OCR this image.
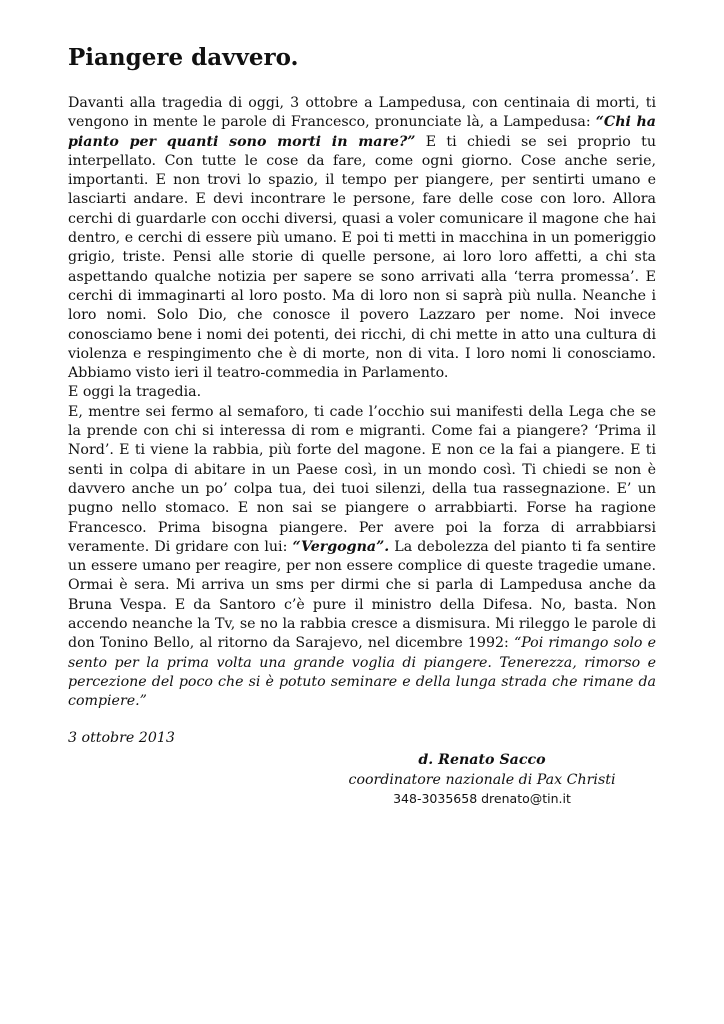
Piangere davvero.

Davanti alla tragedia di oggi, 3 ottobre a Lampedusa, con centinaia di morti, ti vengono in mente le parole di Francesco, pronunciate là, a Lampedusa: “Chi ha pianto per quanti sono morti in mare?” E ti chiedi se sei proprio tu interpellato. Con tutte le cose da fare, come ogni giorno. Cose anche serie, importanti. E non trovi lo spazio, il tempo per piangere, per sentirti umano e lasciarti andare. E devi incontrare le persone, fare delle cose con loro. Allora cerchi di guardarle con occhi diversi, quasi a voler comunicare il magone che hai dentro, e cerchi di essere più umano. E poi ti metti in macchina in un pomeriggio grigio, triste. Pensi alle storie di quelle persone, ai loro loro affetti, a chi sta aspettando qualche notizia per sapere se sono arrivati alla ‘terra promessa’. E cerchi di immaginarti al loro posto. Ma di loro non si saprà più nulla. Neanche i loro nomi. Solo Dio, che conosce il povero Lazzaro per nome. Noi invece conosciamo bene i nomi dei potenti, dei ricchi, di chi mette in atto una cultura di violenza e respingimento che è di morte, non di vita. I loro nomi li conosciamo. Abbiamo visto ieri il teatro-commedia in Parlamento.

E oggi la tragedia.

E, mentre sei fermo al semaforo, ti cade l’occhio sui manifesti della Lega che se la prende con chi si interessa di rom e migranti. Come fai a piangere? ‘Prima il Nord’. E ti viene la rabbia, più forte del magone. E non ce la fai a piangere. E ti senti in colpa di abitare in un Paese così, in un mondo così. Ti chiedi se non è davvero anche un po’ colpa tua, dei tuoi silenzi, della tua rassegnazione. E’ un pugno nello stomaco. E non sai se piangere o arrabbiarti. Forse ha ragione Francesco. Prima bisogna piangere. Per avere poi la forza di arrabbiarsi veramente. Di gridare con lui: “Vergogna”. La debolezza del pianto ti fa sentire un essere umano per reagire, per non essere complice di queste tragedie umane. Ormai è sera. Mi arriva un sms per dirmi che si parla di Lampedusa anche da Bruna Vespa. E da Santoro c’è pure il ministro della Difesa. No, basta. Non accendo neanche la Tv, se no la rabbia cresce a dismisura. Mi rileggo le parole di don Tonino Bello, al ritorno da Sarajevo, nel dicembre 1992: “Poi rimango solo e sento per la prima volta una grande voglia di piangere. Tenerezza, rimorso e percezione del poco che si è potuto seminare e della lunga strada che rimane da compiere.”

3 ottobre 2013
d. Renato Sacco
coordinatore nazionale di Pax Christi
348-3035658 drenato@tin.it
